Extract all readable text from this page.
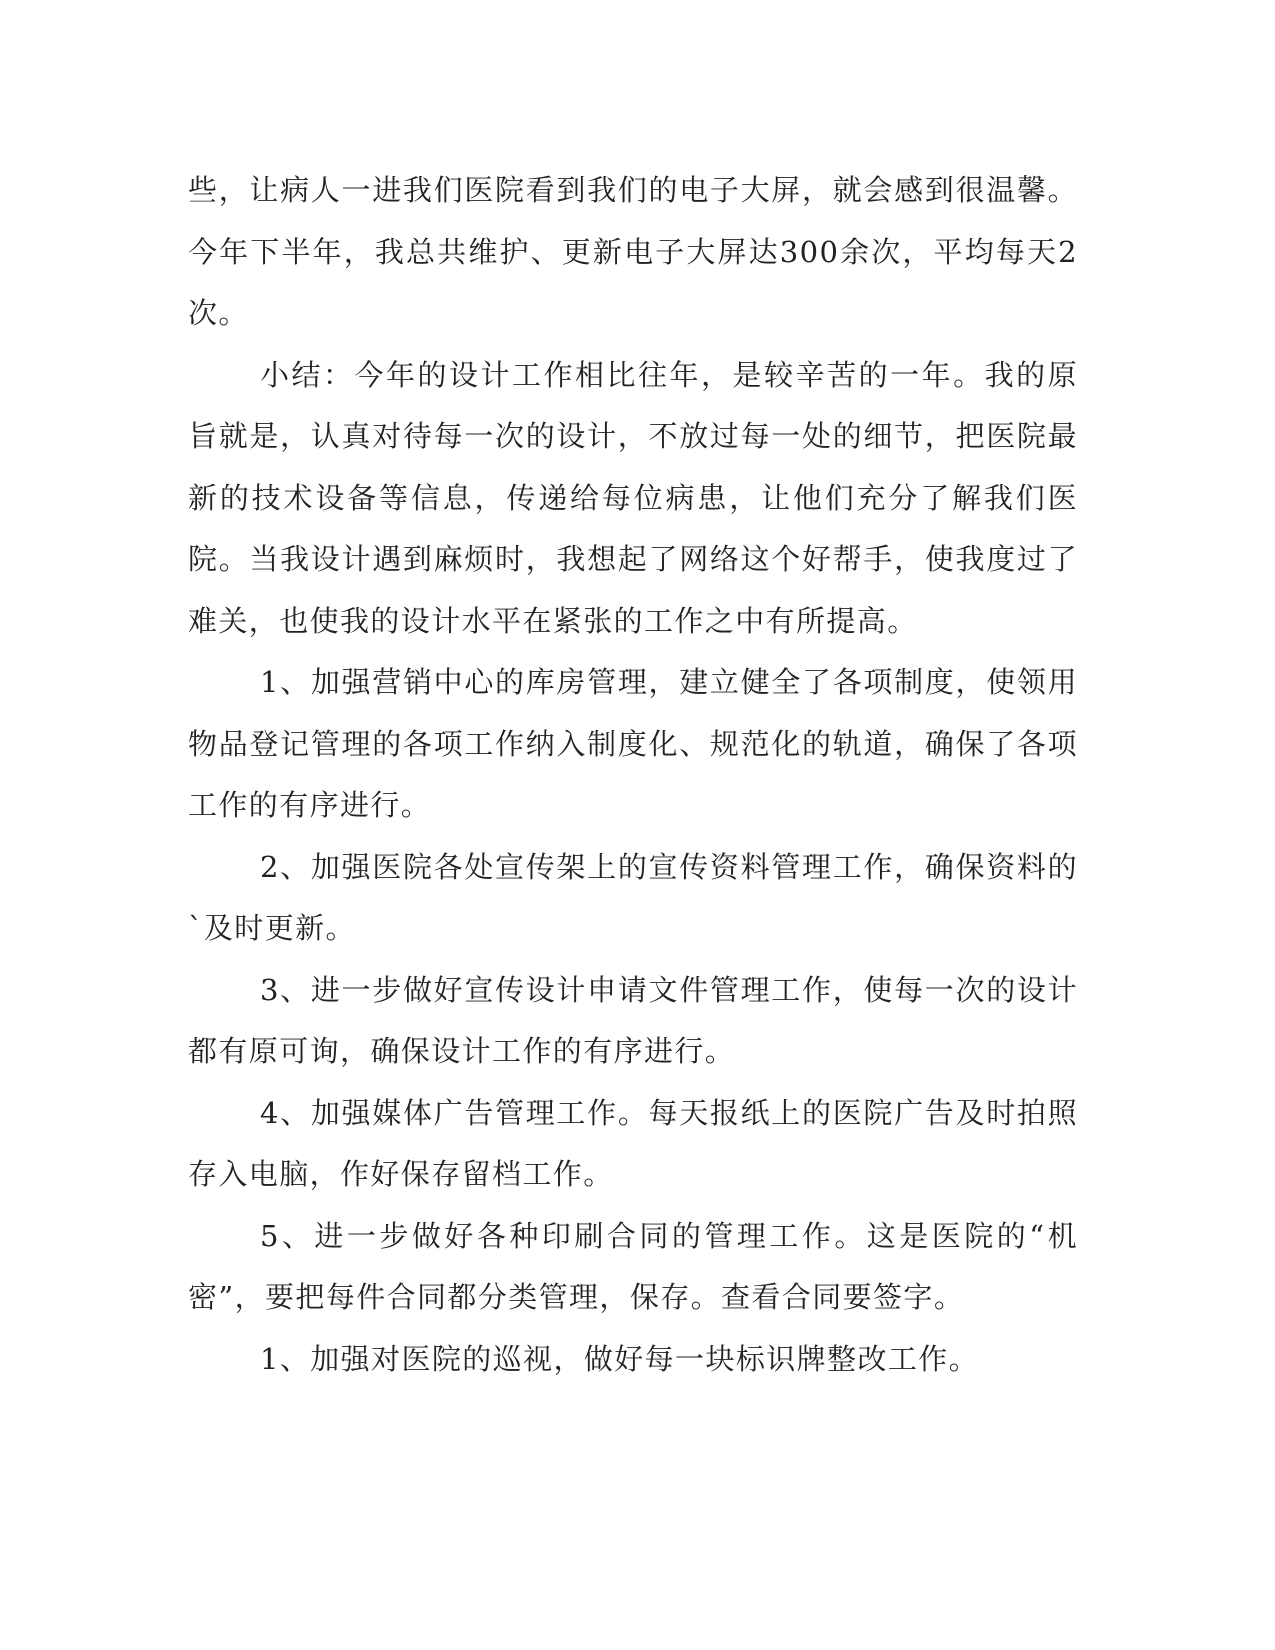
些，让病人一进我们医院看到我们的电子大屏，就会感到很温馨。今年下半年，我总共维护、更新电子大屏达300余次，平均每天2次。

小结：今年的设计工作相比往年，是较辛苦的一年。我的原旨就是，认真对待每一次的设计，不放过每一处的细节，把医院最新的技术设备等信息，传递给每位病患，让他们充分了解我们医院。当我设计遇到麻烦时，我想起了网络这个好帮手，使我度过了难关，也使我的设计水平在紧张的工作之中有所提高。

1、加强营销中心的库房管理，建立健全了各项制度，使领用物品登记管理的各项工作纳入制度化、规范化的轨道，确保了各项工作的有序进行。

2、加强医院各处宣传架上的宣传资料管理工作，确保资料的`及时更新。

3、进一步做好宣传设计申请文件管理工作，使每一次的设计都有原可询，确保设计工作的有序进行。

4、加强媒体广告管理工作。每天报纸上的医院广告及时拍照存入电脑，作好保存留档工作。

5、进一步做好各种印刷合同的管理工作。这是医院的“机密”，要把每件合同都分类管理，保存。查看合同要签字。

1、加强对医院的巡视，做好每一块标识牌整改工作。
